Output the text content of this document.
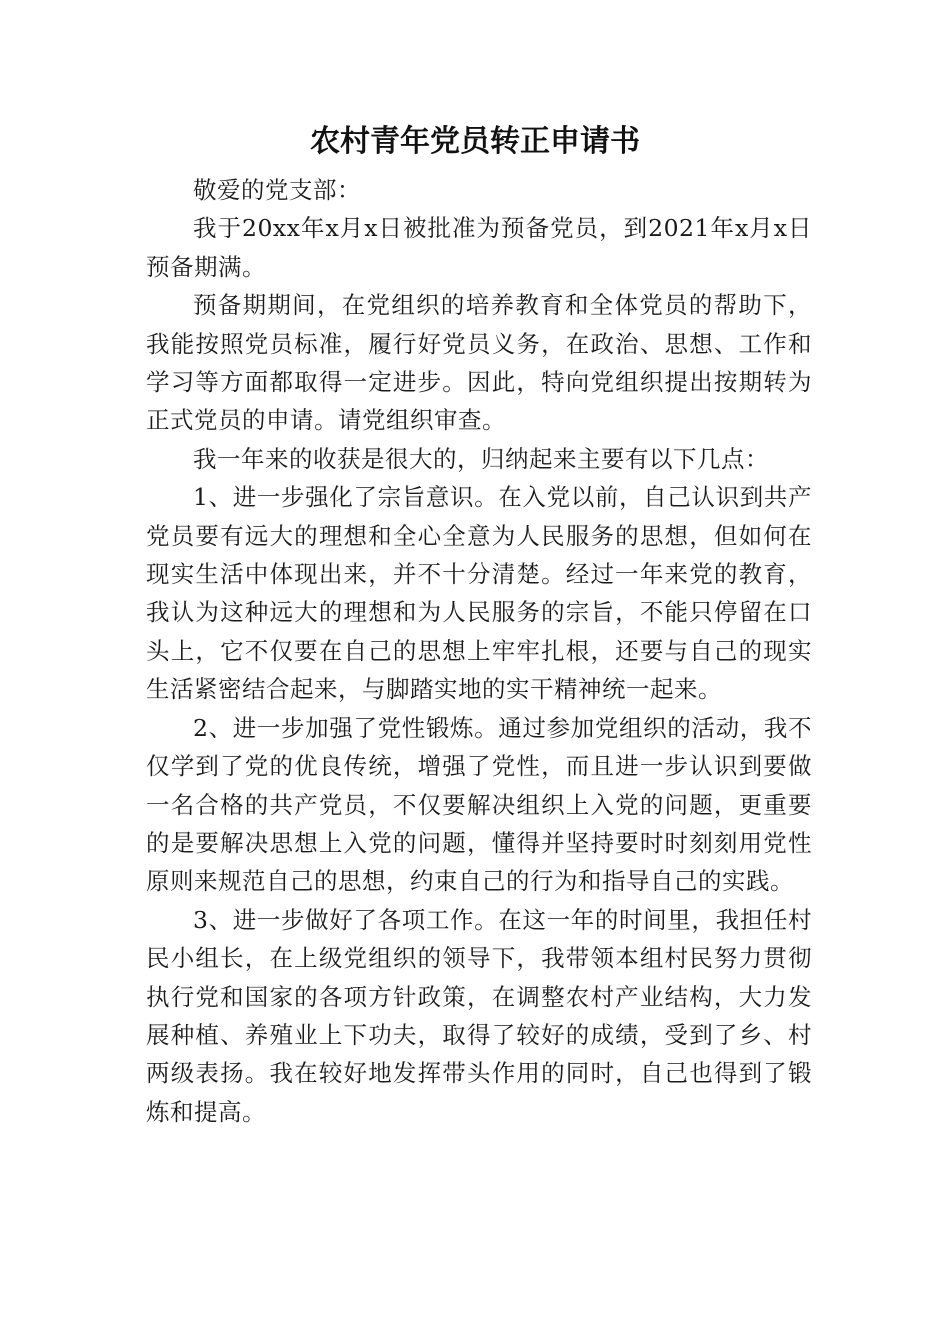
农村青年党员转正申请书

敬爱的党支部：

我于20xx年x月x日被批准为预备党员，到2021年x月x日预备期满。

预备期期间，在党组织的培养教育和全体党员的帮助下，我能按照党员标准，履行好党员义务，在政治、思想、工作和学习等方面都取得一定进步。因此，特向党组织提出按期转为正式党员的申请。请党组织审查。

我一年来的收获是很大的，归纳起来主要有以下几点：

1、进一步强化了宗旨意识。在入党以前，自己认识到共产党员要有远大的理想和全心全意为人民服务的思想，但如何在现实生活中体现出来，并不十分清楚。经过一年来党的教育，我认为这种远大的理想和为人民服务的宗旨，不能只停留在口头上，它不仅要在自己的思想上牢牢扎根，还要与自己的现实生活紧密结合起来，与脚踏实地的实干精神统一起来。

2、进一步加强了党性锻炼。通过参加党组织的活动，我不仅学到了党的优良传统，增强了党性，而且进一步认识到要做一名合格的共产党员，不仅要解决组织上入党的问题，更重要的是要解决思想上入党的问题，懂得并坚持要时时刻刻用党性原则来规范自己的思想，约束自己的行为和指导自己的实践。

3、进一步做好了各项工作。在这一年的时间里，我担任村民小组长，在上级党组织的领导下，我带领本组村民努力贯彻执行党和国家的各项方针政策，在调整农村产业结构，大力发展种植、养殖业上下功夫，取得了较好的成绩，受到了乡、村两级表扬。我在较好地发挥带头作用的同时，自己也得到了锻炼和提高。
